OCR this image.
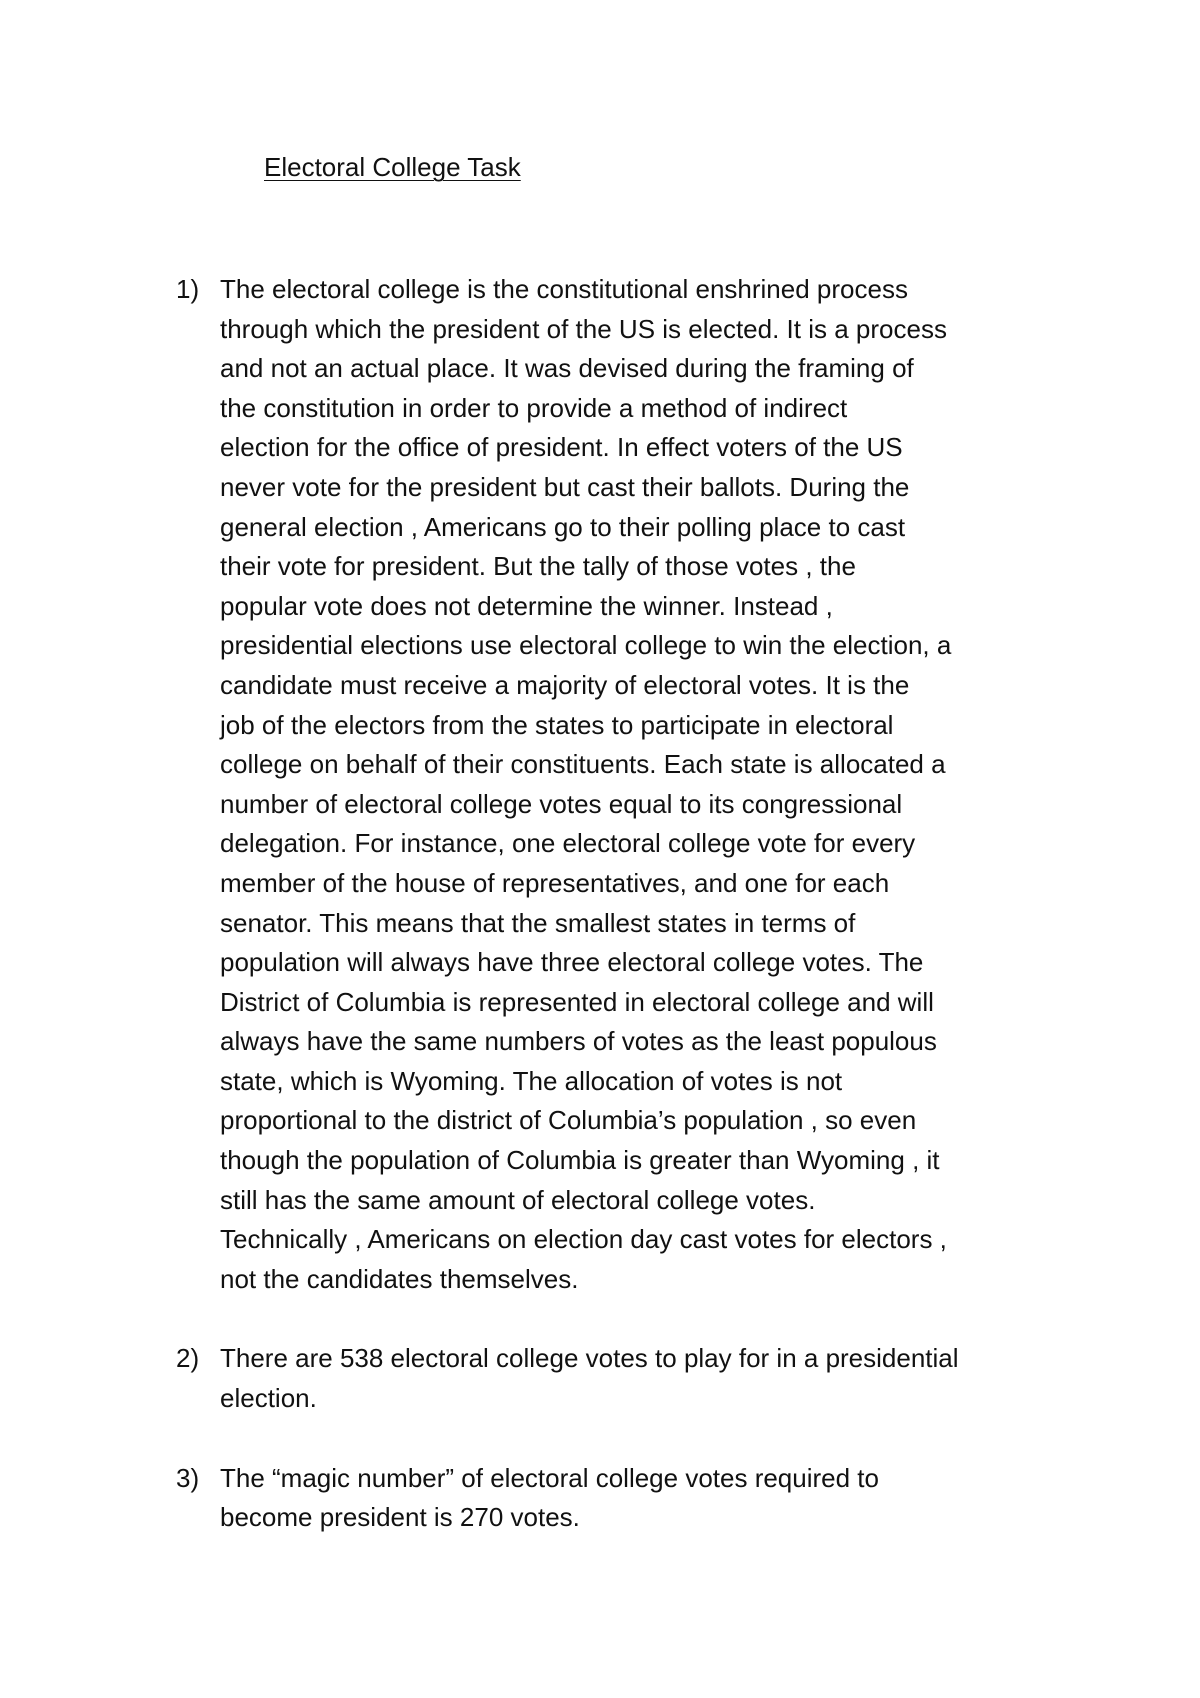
Electoral College Task
1) The electoral college is the constitutional enshrined process
through which the president of the US is elected. It is a process
and not an actual place. It was devised during the framing of
the constitution in order to provide a method of indirect
election for the office of president. In effect voters of the US
never vote for the president but cast their ballots. During the
general election , Americans go to their polling place to cast
their vote for president. But the tally of those votes , the
popular vote does not determine the winner. Instead ,
presidential elections use electoral college to win the election, a
candidate must receive a majority of electoral votes. It is the
job of the electors from the states to participate in electoral
college on behalf of their constituents. Each state is allocated a
number of electoral college votes equal to its congressional
delegation. For instance, one electoral college vote for every
member of the house of representatives, and one for each
senator. This means that the smallest states in terms of
population will always have three electoral college votes. The
District of Columbia is represented in electoral college and will
always have the same numbers of votes as the least populous
state, which is Wyoming. The allocation of votes is not
proportional to the district of Columbia’s population , so even
though the population of Columbia is greater than Wyoming , it
still has the same amount of electoral college votes.
Technically , Americans on election day cast votes for electors ,
not the candidates themselves.
2) There are 538 electoral college votes to play for in a presidential
election.
3) The “magic number” of electoral college votes required to
become president is 270 votes.
